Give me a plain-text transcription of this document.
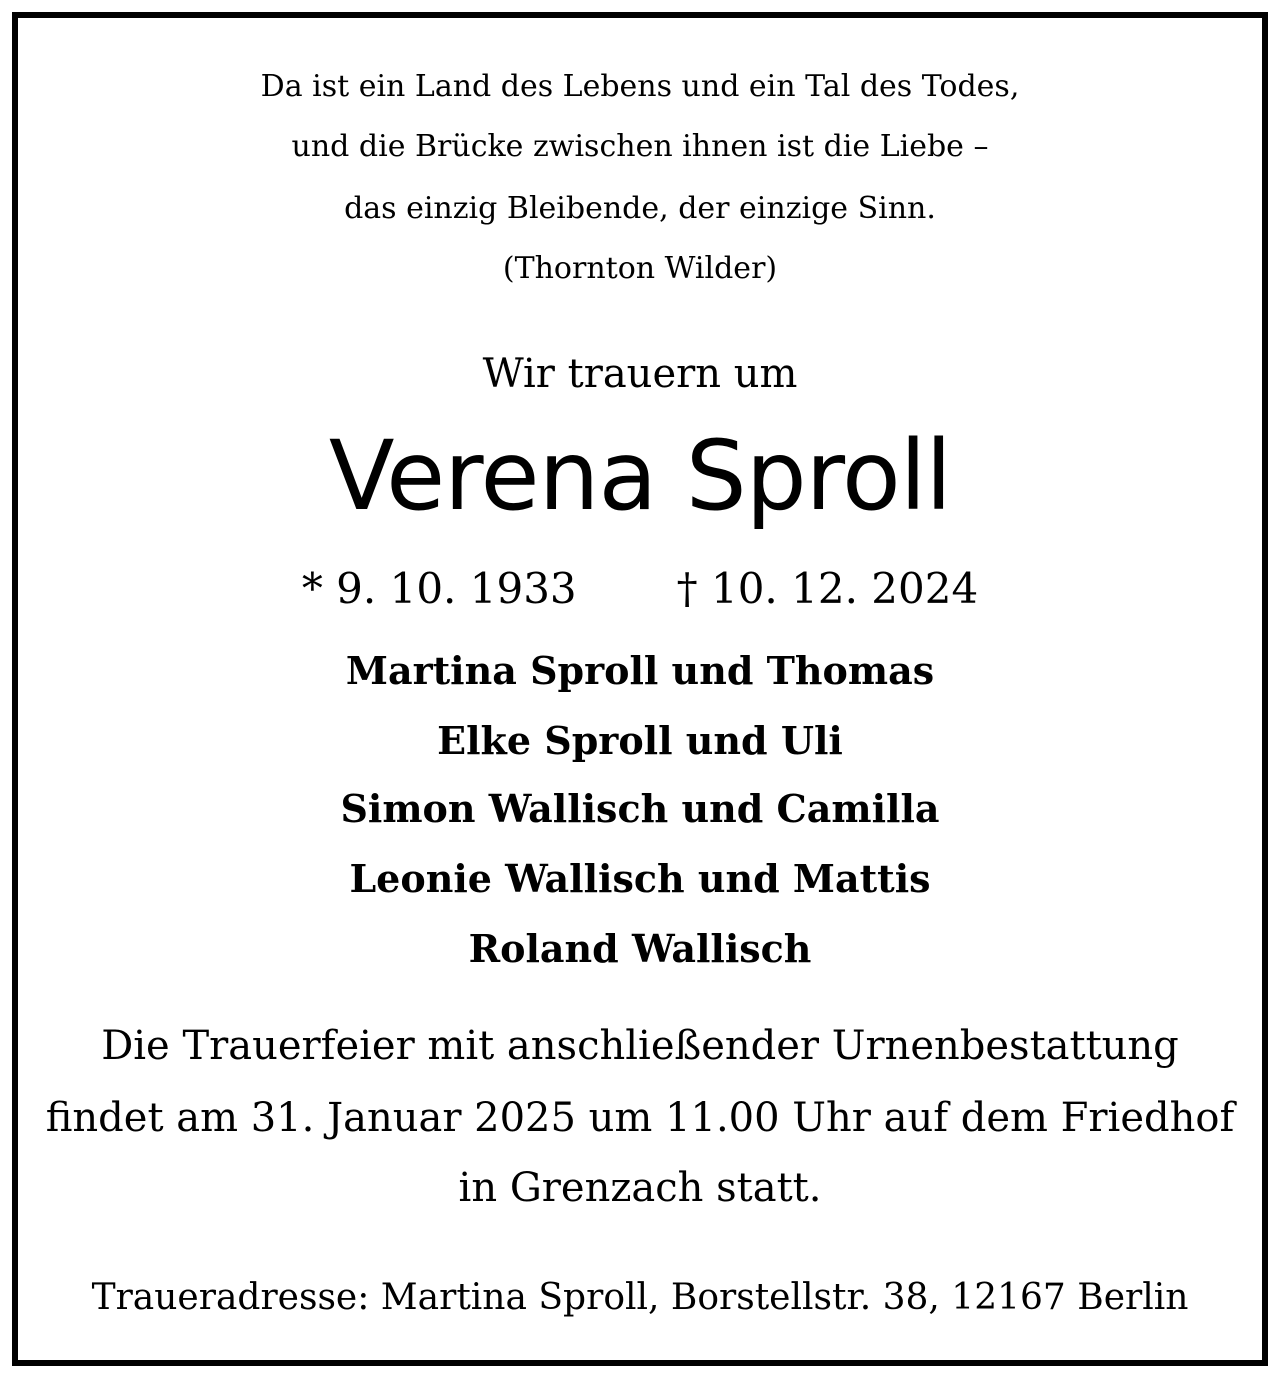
Da ist ein Land des Lebens und ein Tal des Todes,
und die Brücke zwischen ihnen ist die Liebe –
das einzig Bleibende, der einzige Sinn.
(Thornton Wilder)
Wir trauern um
Verena Sproll
* 9. 10. 1933 † 10. 12. 2024
Martina Sproll und Thomas
Elke Sproll und Uli
Simon Wallisch und Camilla
Leonie Wallisch und Mattis
Roland Wallisch
Die Trauerfeier mit anschließender Urnenbestattung
findet am 31. Januar 2025 um 11.00 Uhr auf dem Friedhof
in Grenzach statt.
Traueradresse: Martina Sproll, Borstellstr. 38, 12167 Berlin
